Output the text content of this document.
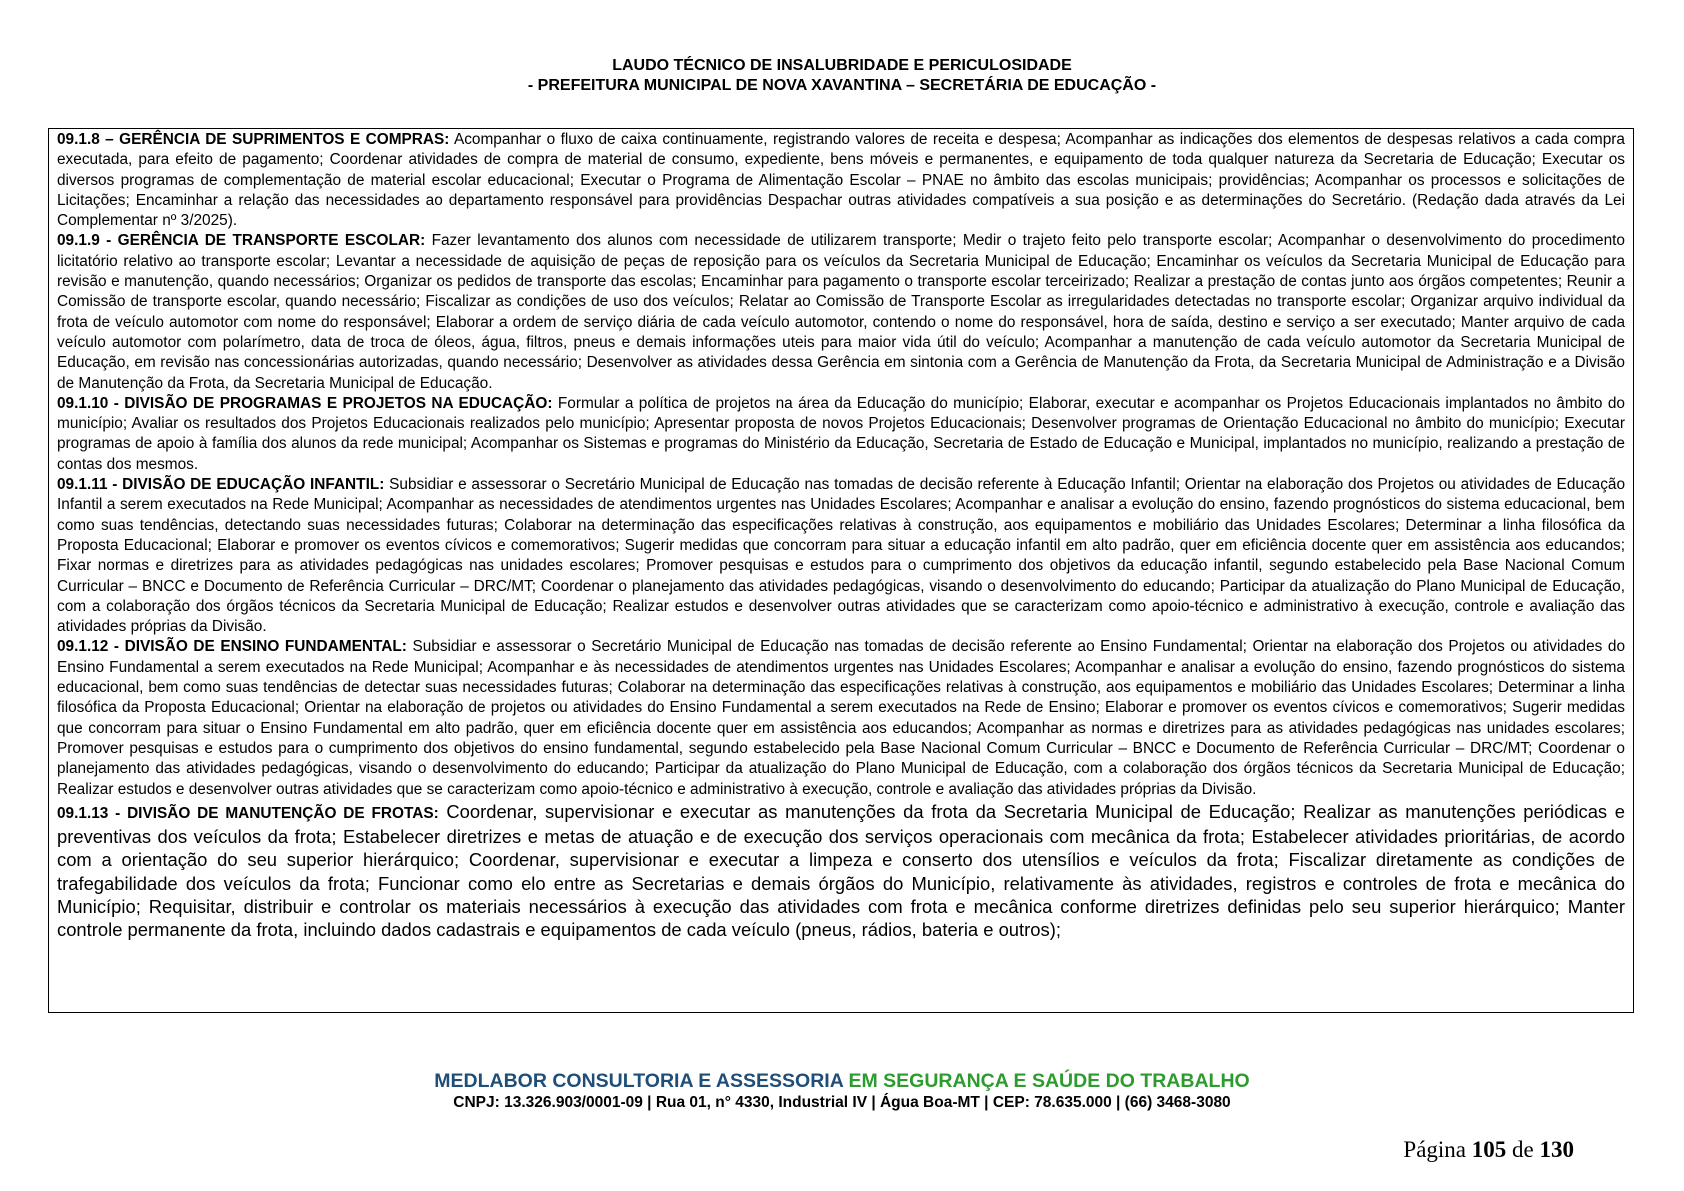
LAUDO TÉCNICO DE INSALUBRIDADE E PERICULOSIDADE
- PREFEITURA MUNICIPAL DE NOVA XAVANTINA – SECRETÁRIA DE EDUCAÇÃO -

09.1.8 – GERÊNCIA DE SUPRIMENTOS E COMPRAS: Acompanhar o fluxo de caixa continuamente, registrando valores de receita e despesa; Acompanhar as indicações dos elementos de despesas relativos a cada compra executada, para efeito de pagamento; Coordenar atividades de compra de material de consumo, expediente, bens móveis e permanentes, e equipamento de toda qualquer natureza da Secretaria de Educação; Executar os diversos programas de complementação de material escolar educacional; Executar o Programa de Alimentação Escolar – PNAE no âmbito das escolas municipais; providências; Acompanhar os processos e solicitações de Licitações; Encaminhar a relação das necessidades ao departamento responsável para providências Despachar outras atividades compatíveis a sua posição e as determinações do Secretário. (Redação dada através da Lei Complementar nº 3/2025).

09.1.9 - GERÊNCIA DE TRANSPORTE ESCOLAR: Fazer levantamento dos alunos com necessidade de utilizarem transporte; Medir o trajeto feito pelo transporte escolar; Acompanhar o desenvolvimento do procedimento licitatório relativo ao transporte escolar; Levantar a necessidade de aquisição de peças de reposição para os veículos da Secretaria Municipal de Educação; Encaminhar os veículos da Secretaria Municipal de Educação para revisão e manutenção, quando necessários; Organizar os pedidos de transporte das escolas; Encaminhar para pagamento o transporte escolar terceirizado; Realizar a prestação de contas junto aos órgãos competentes; Reunir a Comissão de transporte escolar, quando necessário; Fiscalizar as condições de uso dos veículos; Relatar ao Comissão de Transporte Escolar as irregularidades detectadas no transporte escolar; Organizar arquivo individual da frota de veículo automotor com nome do responsável; Elaborar a ordem de serviço diária de cada veículo automotor, contendo o nome do responsável, hora de saída, destino e serviço a ser executado; Manter arquivo de cada veículo automotor com polarímetro, data de troca de óleos, água, filtros, pneus e demais informações uteis para maior vida útil do veículo; Acompanhar a manutenção de cada veículo automotor da Secretaria Municipal de Educação, em revisão nas concessionárias autorizadas, quando necessário; Desenvolver as atividades dessa Gerência em sintonia com a Gerência de Manutenção da Frota, da Secretaria Municipal de Administração e a Divisão de Manutenção da Frota, da Secretaria Municipal de Educação.

09.1.10 - DIVISÃO DE PROGRAMAS E PROJETOS NA EDUCAÇÃO: Formular a política de projetos na área da Educação do município; Elaborar, executar e acompanhar os Projetos Educacionais implantados no âmbito do município; Avaliar os resultados dos Projetos Educacionais realizados pelo município; Apresentar proposta de novos Projetos Educacionais; Desenvolver programas de Orientação Educacional no âmbito do município; Executar programas de apoio à família dos alunos da rede municipal; Acompanhar os Sistemas e programas do Ministério da Educação, Secretaria de Estado de Educação e Municipal, implantados no município, realizando a prestação de contas dos mesmos.

09.1.11 - DIVISÃO DE EDUCAÇÃO INFANTIL: Subsidiar e assessorar o Secretário Municipal de Educação nas tomadas de decisão referente à Educação Infantil; Orientar na elaboração dos Projetos ou atividades de Educação Infantil a serem executados na Rede Municipal; Acompanhar as necessidades de atendimentos urgentes nas Unidades Escolares; Acompanhar e analisar a evolução do ensino, fazendo prognósticos do sistema educacional, bem como suas tendências, detectando suas necessidades futuras; Colaborar na determinação das especificações relativas à construção, aos equipamentos e mobiliário das Unidades Escolares; Determinar a linha filosófica da Proposta Educacional; Elaborar e promover os eventos cívicos e comemorativos; Sugerir medidas que concorram para situar a educação infantil em alto padrão, quer em eficiência docente quer em assistência aos educandos; Fixar normas e diretrizes para as atividades pedagógicas nas unidades escolares; Promover pesquisas e estudos para o cumprimento dos objetivos da educação infantil, segundo estabelecido pela Base Nacional Comum Curricular – BNCC e Documento de Referência Curricular – DRC/MT; Coordenar o planejamento das atividades pedagógicas, visando o desenvolvimento do educando; Participar da atualização do Plano Municipal de Educação, com a colaboração dos órgãos técnicos da Secretaria Municipal de Educação; Realizar estudos e desenvolver outras atividades que se caracterizam como apoio-técnico e administrativo à execução, controle e avaliação das atividades próprias da Divisão.

09.1.12 - DIVISÃO DE ENSINO FUNDAMENTAL: Subsidiar e assessorar o Secretário Municipal de Educação nas tomadas de decisão referente ao Ensino Fundamental; Orientar na elaboração dos Projetos ou atividades do Ensino Fundamental a serem executados na Rede Municipal; Acompanhar e às necessidades de atendimentos urgentes nas Unidades Escolares; Acompanhar e analisar a evolução do ensino, fazendo prognósticos do sistema educacional, bem como suas tendências de detectar suas necessidades futuras; Colaborar na determinação das especificações relativas à construção, aos equipamentos e mobiliário das Unidades Escolares; Determinar a linha filosófica da Proposta Educacional; Orientar na elaboração de projetos ou atividades do Ensino Fundamental a serem executados na Rede de Ensino; Elaborar e promover os eventos cívicos e comemorativos; Sugerir medidas que concorram para situar o Ensino Fundamental em alto padrão, quer em eficiência docente quer em assistência aos educandos; Acompanhar as normas e diretrizes para as atividades pedagógicas nas unidades escolares; Promover pesquisas e estudos para o cumprimento dos objetivos do ensino fundamental, segundo estabelecido pela Base Nacional Comum Curricular – BNCC e Documento de Referência Curricular – DRC/MT; Coordenar o planejamento das atividades pedagógicas, visando o desenvolvimento do educando; Participar da atualização do Plano Municipal de Educação, com a colaboração dos órgãos técnicos da Secretaria Municipal de Educação; Realizar estudos e desenvolver outras atividades que se caracterizam como apoio-técnico e administrativo à execução, controle e avaliação das atividades próprias da Divisão.

09.1.13 - DIVISÃO DE MANUTENÇÃO DE FROTAS: Coordenar, supervisionar e executar as manutenções da frota da Secretaria Municipal de Educação; Realizar as manutenções periódicas e preventivas dos veículos da frota; Estabelecer diretrizes e metas de atuação e de execução dos serviços operacionais com mecânica da frota; Estabelecer atividades prioritárias, de acordo com a orientação do seu superior hierárquico; Coordenar, supervisionar e executar a limpeza e conserto dos utensílios e veículos da frota; Fiscalizar diretamente as condições de trafegabilidade dos veículos da frota; Funcionar como elo entre as Secretarias e demais órgãos do Município, relativamente às atividades, registros e controles de frota e mecânica do Município; Requisitar, distribuir e controlar os materiais necessários à execução das atividades com frota e mecânica conforme diretrizes definidas pelo seu superior hierárquico; Manter controle permanente da frota, incluindo dados cadastrais e equipamentos de cada veículo (pneus, rádios, bateria e outros);

MEDLABOR CONSULTORIA E ASSESSORIA EM SEGURANÇA E SAÚDE DO TRABALHO
CNPJ: 13.326.903/0001-09 | Rua 01, n° 4330, Industrial IV | Água Boa-MT | CEP: 78.635.000 | (66) 3468-3080
Página 105 de 130
